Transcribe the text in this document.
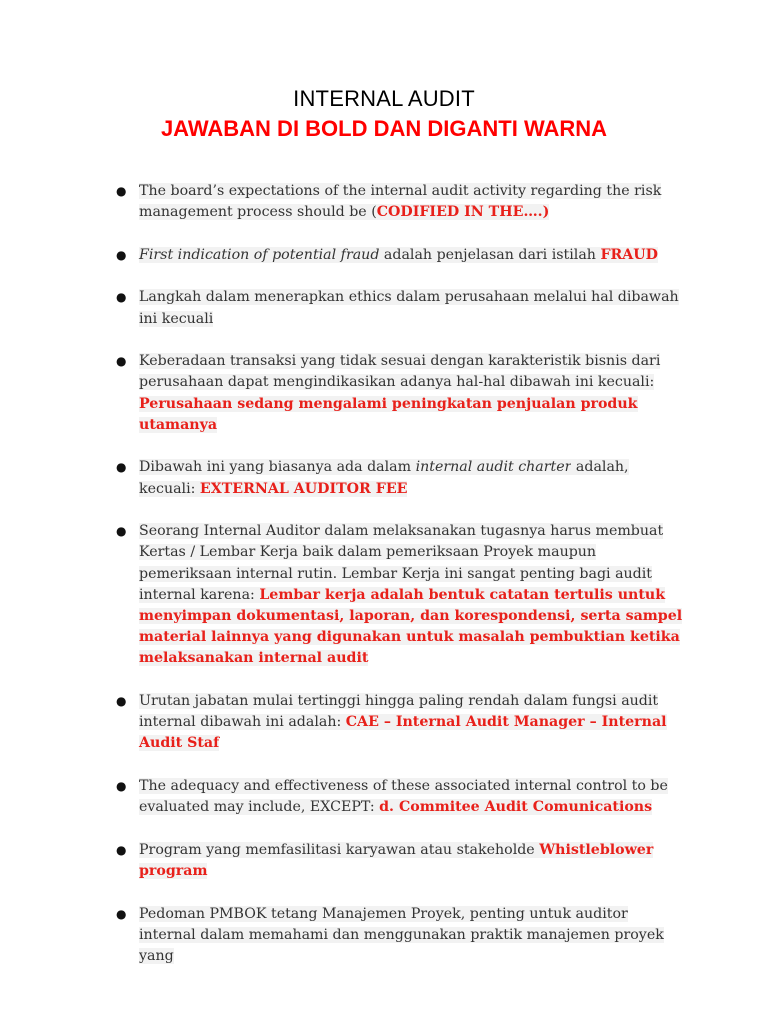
INTERNAL AUDIT
JAWABAN DI BOLD DAN DIGANTI WARNA
● The board’s expectations of the internal audit activity regarding the risk management process should be (CODIFIED IN THE….)
● First indication of potential fraud adalah penjelasan dari istilah FRAUD
● Langkah dalam menerapkan ethics dalam perusahaan melalui hal dibawah ini kecuali
● Keberadaan transaksi yang tidak sesuai dengan karakteristik bisnis dari perusahaan dapat mengindikasikan adanya hal-hal dibawah ini kecuali: Perusahaan sedang mengalami peningkatan penjualan produk utamanya
● Dibawah ini yang biasanya ada dalam internal audit charter adalah, kecuali: EXTERNAL AUDITOR FEE
● Seorang Internal Auditor dalam melaksanakan tugasnya harus membuat Kertas / Lembar Kerja baik dalam pemeriksaan Proyek maupun pemeriksaan internal rutin. Lembar Kerja ini sangat penting bagi audit internal karena: Lembar kerja adalah bentuk catatan tertulis untuk menyimpan dokumentasi, laporan, dan korespondensi, serta sampel material lainnya yang digunakan untuk masalah pembuktian ketika melaksanakan internal audit
● Urutan jabatan mulai tertinggi hingga paling rendah dalam fungsi audit internal dibawah ini adalah: CAE – Internal Audit Manager – Internal Audit Staf
● The adequacy and effectiveness of these associated internal control to be evaluated may include, EXCEPT: d. Commitee Audit Comunications
● Program yang memfasilitasi karyawan atau stakeholde Whistleblower program
● Pedoman PMBOK tetang Manajemen Proyek, penting untuk auditor internal dalam memahami dan menggunakan praktik manajemen proyek yang
